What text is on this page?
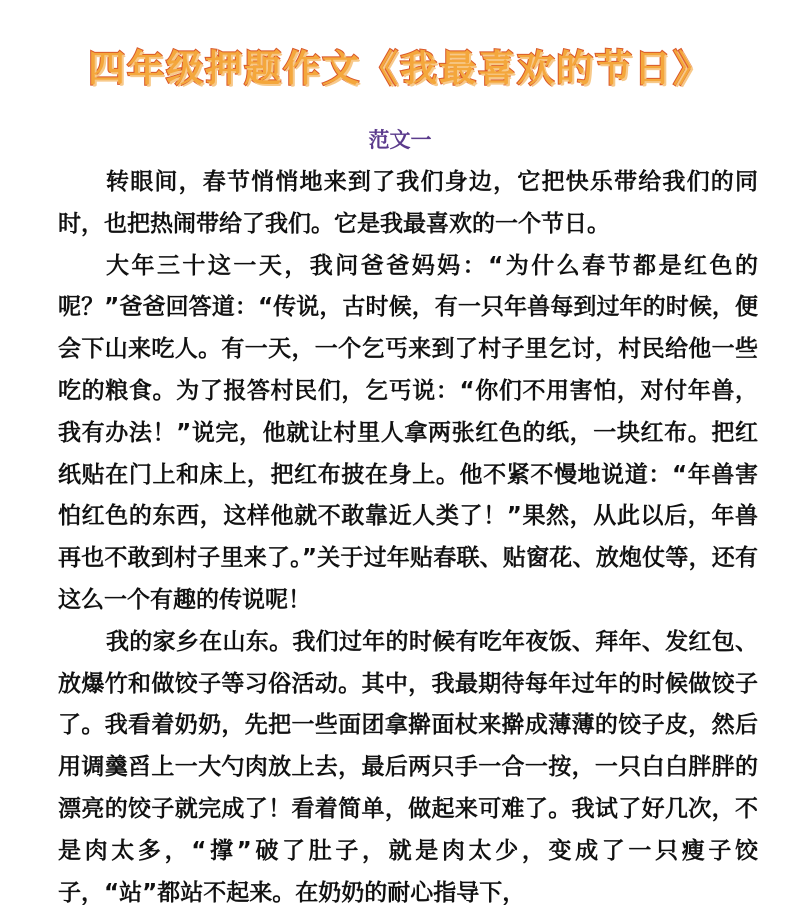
四年级押题作文《我最喜欢的节日》
范文一

转眼间，春节悄悄地来到了我们身边，它把快乐带给我们的同时，也把热闹带给了我们。它是我最喜欢的一个节日。

大年三十这一天，我问爸爸妈妈：“为什么春节都是红色的呢？”爸爸回答道：“传说，古时候，有一只年兽每到过年的时候，便会下山来吃人。有一天，一个乞丐来到了村子里乞讨，村民给他一些吃的粮食。为了报答村民们，乞丐说：“你们不用害怕，对付年兽，我有办法！”说完，他就让村里人拿两张红色的纸，一块红布。把红纸贴在门上和床上，把红布披在身上。他不紧不慢地说道：“年兽害怕红色的东西，这样他就不敢靠近人类了！”果然，从此以后，年兽再也不敢到村子里来了。”关于过年贴春联、贴窗花、放炮仗等，还有这么一个有趣的传说呢！

我的家乡在山东。我们过年的时候有吃年夜饭、拜年、发红包、放爆竹和做饺子等习俗活动。其中，我最期待每年过年的时候做饺子了。我看着奶奶，先把一些面团拿擀面杖来擀成薄薄的饺子皮，然后用调羹舀上一大勺肉放上去，最后两只手一合一按，一只白白胖胖的漂亮的饺子就完成了！看着简单，做起来可难了。我试了好几次，不是肉太多，“撑”破了肚子，就是肉太少，变成了一只瘦子饺子，“站”都站不起来。在奶奶的耐心指导下，
